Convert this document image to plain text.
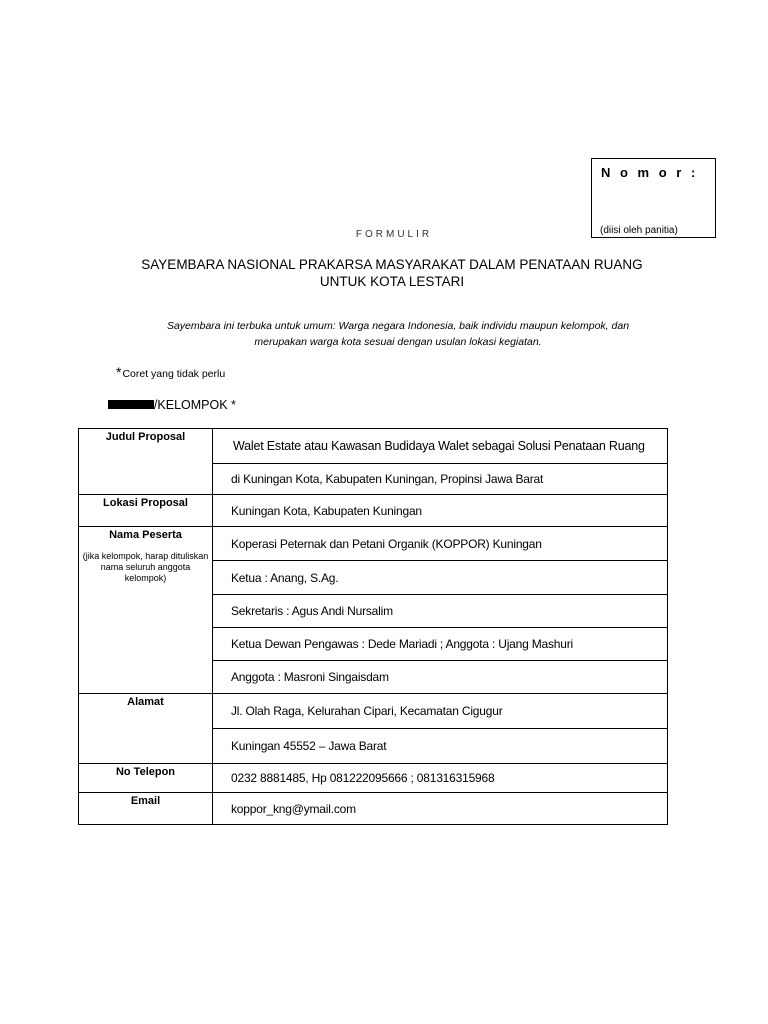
N o m o r :
(diisi oleh panitia)
FORMULIR
SAYEMBARA NASIONAL PRAKARSA MASYARAKAT DALAM PENATAAN RUANG
UNTUK KOTA LESTARI
Sayembara ini terbuka untuk umum: Warga negara Indonesia, baik individu maupun kelompok, dan
merupakan warga kota sesuai dengan usulan lokasi kegiatan.
*Coret yang tidak perlu
INDIVIDU/KELOMPOK *
Judul Proposal	Walet Estate atau Kawasan Budidaya Walet sebagai Solusi Penataan Ruang
	di Kuningan Kota, Kabupaten Kuningan, Propinsi Jawa Barat
Lokasi Proposal	Kuningan Kota, Kabupaten Kuningan

Nama Peserta
(jika kelompok, harap dituliskan nama seluruh anggota kelompok)	Koperasi Peternak dan Petani Organik (KOPPOR) Kuningan
	Ketua : Anang, S.Ag.
	Sekretaris : Agus Andi Nursalim
	Ketua Dewan Pengawas : Dede Mariadi ; Anggota : Ujang Mashuri
	Anggota : Masroni Singaisdam
Alamat	Jl. Olah Raga, Kelurahan Cipari, Kecamatan Cigugur
	Kuningan 45552 – Jawa Barat
No Telepon	0232 8881485, Hp 081222095666 ; 081316315968
Email	koppor_kng@ymail.com
